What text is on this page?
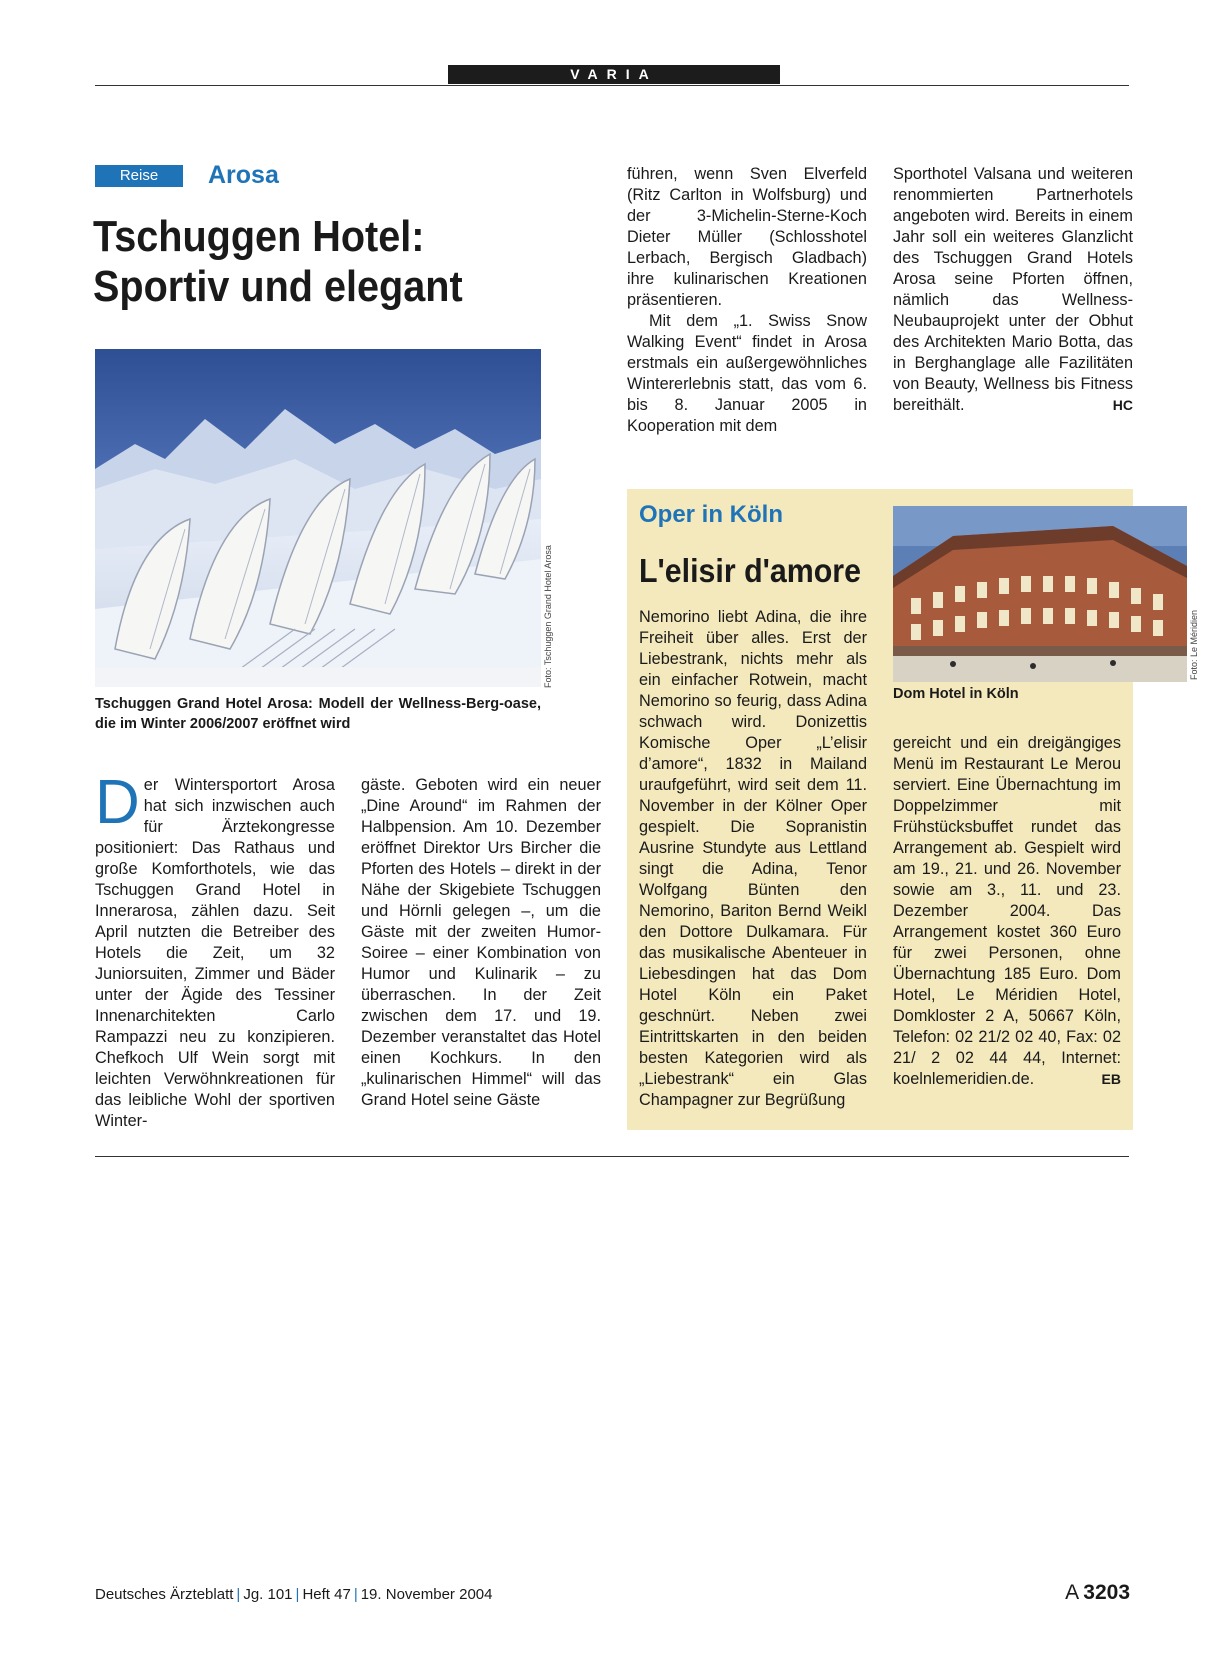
VARIA
Reise	Arosa
Tschuggen Hotel:
Sportiv und elegant
Foto: Tschuggen Grand Hotel Arosa
Tschuggen Grand Hotel Arosa: Modell der Wellness-Berg-oase, die im Winter 2006/2007 eröffnet wird
Der Wintersportort Arosa hat sich inzwischen auch für Ärztekongresse positioniert: Das Rathaus und große Komforthotels, wie das Tschuggen Grand Hotel in Innerarosa, zählen dazu. Seit April nutzten die Betreiber des Hotels die Zeit, um 32 Juniorsuiten, Zimmer und Bäder unter der Ägide des Tessiner Innenarchitekten Carlo Rampazzi neu zu konzipieren. Chefkoch Ulf Wein sorgt mit leichten Verwöhnkreationen für das leibliche Wohl der sportiven Winter-

gäste. Geboten wird ein neuer „Dine Around“ im Rahmen der Halbpension. Am 10. Dezember eröffnet Direktor Urs Bircher die Pforten des Hotels – direkt in der Nähe der Skigebiete Tschuggen und Hörnli gelegen –, um die Gäste mit der zweiten Humor-Soiree – einer Kombination von Humor und Kulinarik – zu überraschen. In der Zeit zwischen dem 17. und 19. Dezember veranstaltet das Hotel einen Kochkurs. In den „kulinarischen Himmel“ will das Grand Hotel seine Gäste

führen, wenn Sven Elverfeld (Ritz Carlton in Wolfsburg) und der 3-Michelin-Sterne-Koch Dieter Müller (Schlosshotel Lerbach, Bergisch Gladbach) ihre kulinarischen Kreationen präsentieren.

Mit dem „1. Swiss Snow Walking Event“ findet in Arosa erstmals ein außergewöhnliches Wintererlebnis statt, das vom 6. bis 8. Januar 2005 in Kooperation mit dem

Sporthotel Valsana und weiteren renommierten Partnerhotels angeboten wird. Bereits in einem Jahr soll ein weiteres Glanzlicht des Tschuggen Grand Hotels Arosa seine Pforten öffnen, nämlich das Wellness-Neubauprojekt unter der Obhut des Architekten Mario Botta, das in Berghanglage alle Fazilitäten von Beauty, Wellness bis Fitness bereithält.	HC

Oper in Köln
L'elisir d'amore
Foto: Le Méridien
Dom Hotel in Köln

Nemorino liebt Adina, die ihre Freiheit über alles. Erst der Liebestrank, nichts mehr als ein einfacher Rotwein, macht Nemorino so feurig, dass Adina schwach wird. Donizettis Komische Oper „L’elisir d’amore“, 1832 in Mailand uraufgeführt, wird seit dem 11. November in der Kölner Oper gespielt. Die Sopranistin Ausrine Stundyte aus Lettland singt die Adina, Tenor Wolfgang Bünten den Nemorino, Bariton Bernd Weikl den Dottore Dulkamara. Für das musikalische Abenteuer in Liebesdingen hat das Dom Hotel Köln ein Paket geschnürt. Neben zwei Eintrittskarten in den beiden besten Kategorien wird als „Liebestrank“ ein Glas Champagner zur Begrüßung

gereicht und ein dreigängiges Menü im Restaurant Le Merou serviert. Eine Übernachtung im Doppelzimmer mit Frühstücksbuffet rundet das Arrangement ab. Gespielt wird am 19., 21. und 26. November sowie am 3., 11. und 23. Dezember 2004. Das Arrangement kostet 360 Euro für zwei Personen, ohne Übernachtung 185 Euro. Dom Hotel, Le Méridien Hotel, Domkloster 2 A, 50667 Köln, Telefon: 02 21/2 02 40, Fax: 02 21/ 2 02 44 44, Internet: koelnlemeridien.de.	EB

Deutsches Ärzteblatt | Jg. 101 | Heft 47 | 19. November 2004	A 3203
